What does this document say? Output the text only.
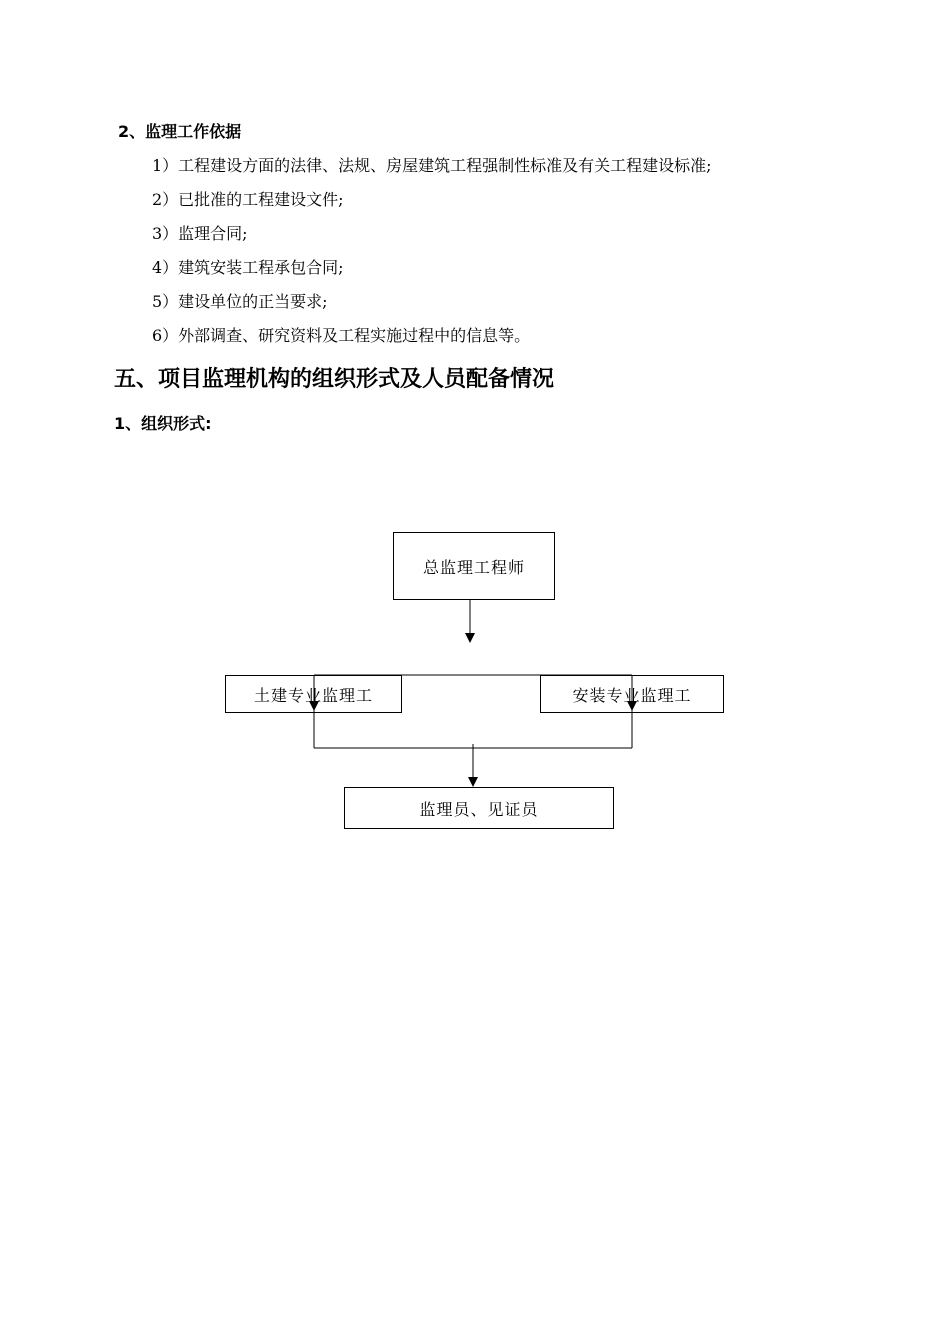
2、监理工作依据
1）工程建设方面的法律、法规、房屋建筑工程强制性标准及有关工程建设标准;
2）已批准的工程建设文件;
3）监理合同;
4）建筑安装工程承包合同;
5）建设单位的正当要求;
6）外部调查、研究资料及工程实施过程中的信息等。
五、项目监理机构的组织形式及人员配备情况
1、组织形式:
总监理工程师
土建专业监理工	安装专业监理工
监理员、见证员
